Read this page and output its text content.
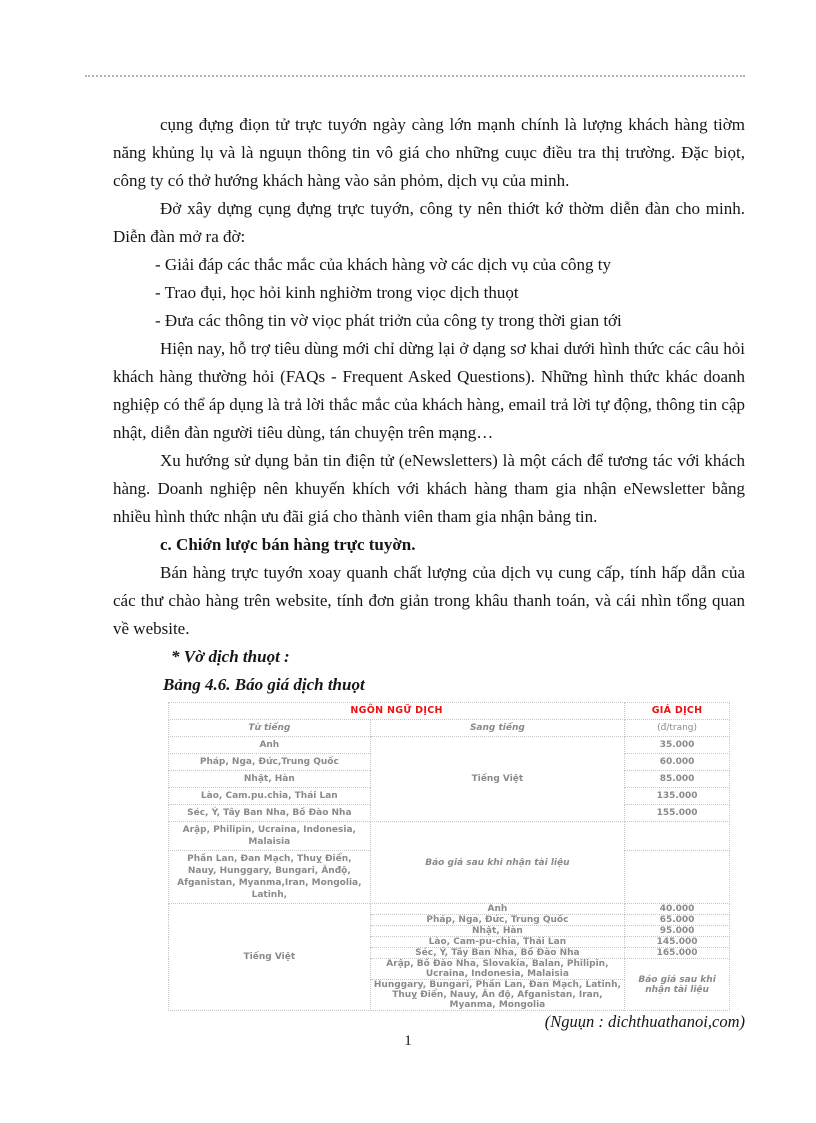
cụng đựng điọn tử trực tuyớn ngày càng lớn mạnh chính là lượng khách hàng tiờm năng khủng lụ và là nguụn thông tin vô giá cho những cuục điều tra thị trường. Đặc biọt, công ty có thở hướng khách hàng vào sản phỏm, dịch vụ của minh.

Đở xây dựng cụng đựng trực tuyớn, công ty nên thiớt kớ thờm diễn đàn cho minh. Diễn đàn mở ra đờ:

- Giải đáp các thắc mắc của khách hàng vờ các dịch vụ của công ty

- Trao đụi, học hỏi kinh nghiờm trong viọc dịch thuọt

- Đưa các thông tin vờ viọc phát triởn của công ty trong thời gian tới

Hiện nay, hỗ trợ tiêu dùng mới chỉ dừng lại ở dạng sơ khai dưới hình thức các câu hỏi khách hàng thường hỏi (FAQs - Frequent Asked Questions). Những hình thức khác doanh nghiệp có thể áp dụng là trả lời thắc mắc của khách hàng, email trả lời tự động, thông tin cập nhật, diễn đàn người tiêu dùng, tán chuyện trên mạng…

Xu hướng sử dụng bản tin điện tử (eNewsletters) là một cách để tương tác với khách hàng. Doanh nghiệp nên khuyến khích với khách hàng tham gia nhận eNewsletter bằng nhiều hình thức nhận ưu đãi giá cho thành viên tham gia nhận bảng tin.

c. Chiớn lược bán hàng trực tuyờn.

Bán hàng trực tuyớn xoay quanh chất lượng của dịch vụ cung cấp, tính hấp dẫn của các thư chào hàng trên website, tính đơn giản trong khâu thanh toán, và cái nhìn tổng quan về website.

* Vờ dịch thuọt :

Bảng 4.6. Báo giá dịch thuọt

NGÔN NGỮ DỊCH		GIÁ DỊCH
Từ tiếng	Sang tiếng	(đ/trang)
Anh	Tiếng Việt	35.000
Pháp, Nga, Đức,Trung Quốc		60.000
Nhật, Hàn		85.000
Lào, Cam.pu.chia, Thái Lan		135.000
Séc, Ý, Tây Ban Nha, Bồ Đào Nha		155.000
Arập, Philipin, Ucraina, Indonesia, Malaisia	Báo giá sau khi nhận tài liệu	
Phần Lan, Đan Mạch, Thuỵ Điển, Nauy, Hunggary, Bungari, Ânđộ, Afganistan, Myanma,Iran, Mongolia, Latinh,		
Tiếng Việt	Anh	40.000
	Pháp, Nga, Đức, Trung Quốc	65.000
	Nhật, Hàn	95.000
	Lào, Cam-pu-chia, Thái Lan	145.000
	Séc, Ý, Tây Ban Nha, Bồ Đào Nha	165.000
	Arập, Bồ Đào Nha, Slovakia, Balan, Philipin, Ucraina, Indonesia, Malaisia	Báo giá sau khi nhận tài liệu
	Hunggary, Bungari, Phần Lan, Đan Mạch, Latinh, Thuỵ Điển, Nauy, Ân độ, Afganistan, Iran, Myanma, Mongolia	

(Nguụn : dichthuathanoi,com)

1
